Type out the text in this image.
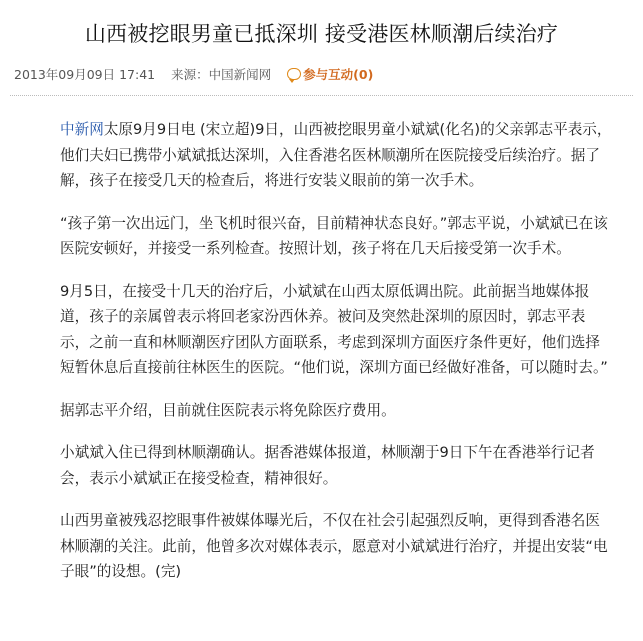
山西被挖眼男童已抵深圳 接受港医林顺潮后续治疗
2013年09月09日 17:41 来源：中国新闻网	参与互动(0)

中新网太原9月9日电 (宋立超)9日，山西被挖眼男童小斌斌(化名)的父亲郭志平表示，他们夫妇已携带小斌斌抵达深圳，入住香港名医林顺潮所在医院接受后续治疗。据了解，孩子在接受几天的检查后，将进行安装义眼前的第一次手术。

“孩子第一次出远门，坐飞机时很兴奋，目前精神状态良好。”郭志平说，小斌斌已在该医院安顿好，并接受一系列检查。按照计划，孩子将在几天后接受第一次手术。

9月5日，在接受十几天的治疗后，小斌斌在山西太原低调出院。此前据当地媒体报道，孩子的亲属曾表示将回老家汾西休养。被问及突然赴深圳的原因时，郭志平表示，之前一直和林顺潮医疗团队方面联系，考虑到深圳方面医疗条件更好，他们选择短暂休息后直接前往林医生的医院。“他们说，深圳方面已经做好准备，可以随时去。”

据郭志平介绍，目前就住医院表示将免除医疗费用。

小斌斌入住已得到林顺潮确认。据香港媒体报道，林顺潮于9日下午在香港举行记者会，表示小斌斌正在接受检查，精神很好。

山西男童被残忍挖眼事件被媒体曝光后，不仅在社会引起强烈反响，更得到香港名医林顺潮的关注。此前，他曾多次对媒体表示，愿意对小斌斌进行治疗，并提出安装“电子眼”的设想。(完)
